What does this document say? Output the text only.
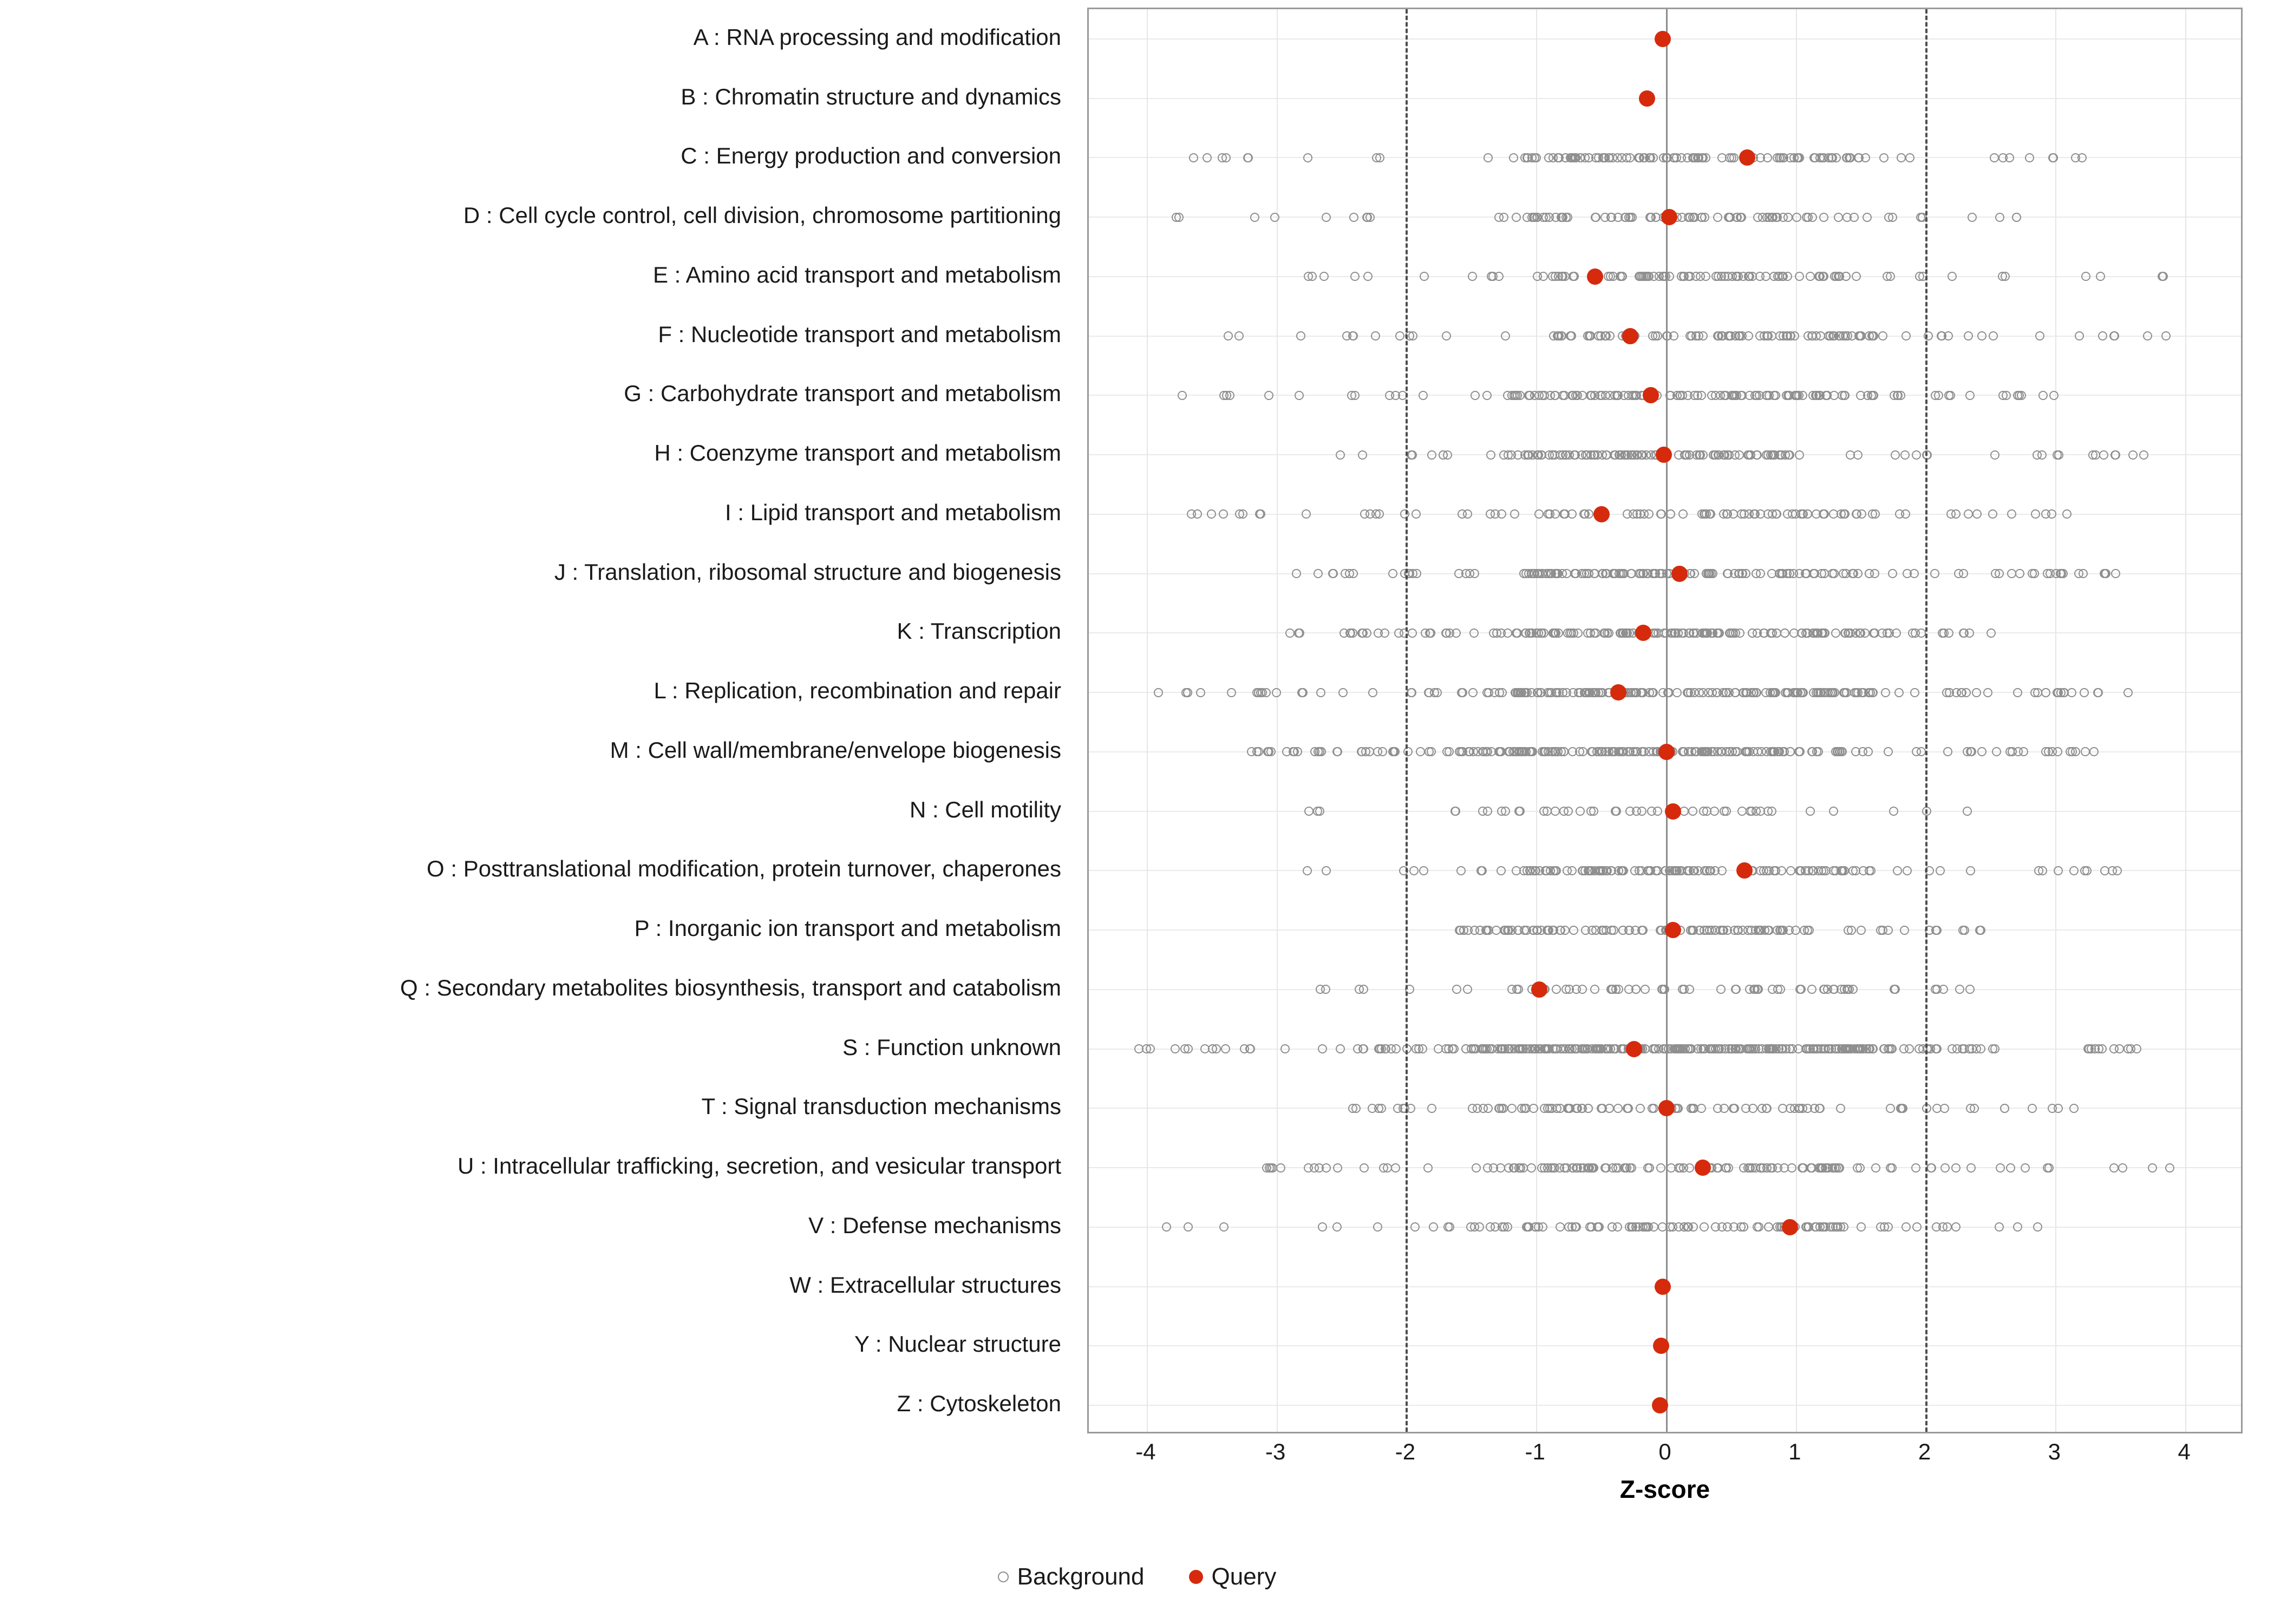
A : RNA processing and modification
B : Chromatin structure and dynamics
C : Energy production and conversion
D : Cell cycle control, cell division, chromosome partitioning
E : Amino acid transport and metabolism
F : Nucleotide transport and metabolism
G : Carbohydrate transport and metabolism
H : Coenzyme transport and metabolism
I : Lipid transport and metabolism
J : Translation, ribosomal structure and biogenesis
K : Transcription
L : Replication, recombination and repair
M : Cell wall/membrane/envelope biogenesis
N : Cell motility
O : Posttranslational modification, protein turnover, chaperones
P : Inorganic ion transport and metabolism
Q : Secondary metabolites biosynthesis, transport and catabolism
S : Function unknown
T : Signal transduction mechanisms
U : Intracellular trafficking, secretion, and vesicular transport
V : Defense mechanisms
W : Extracellular structures
Y : Nuclear structure
Z : Cytoskeleton
-4	-3	-2	-1	0	1	2	3	4
Z-score
Background	Query
